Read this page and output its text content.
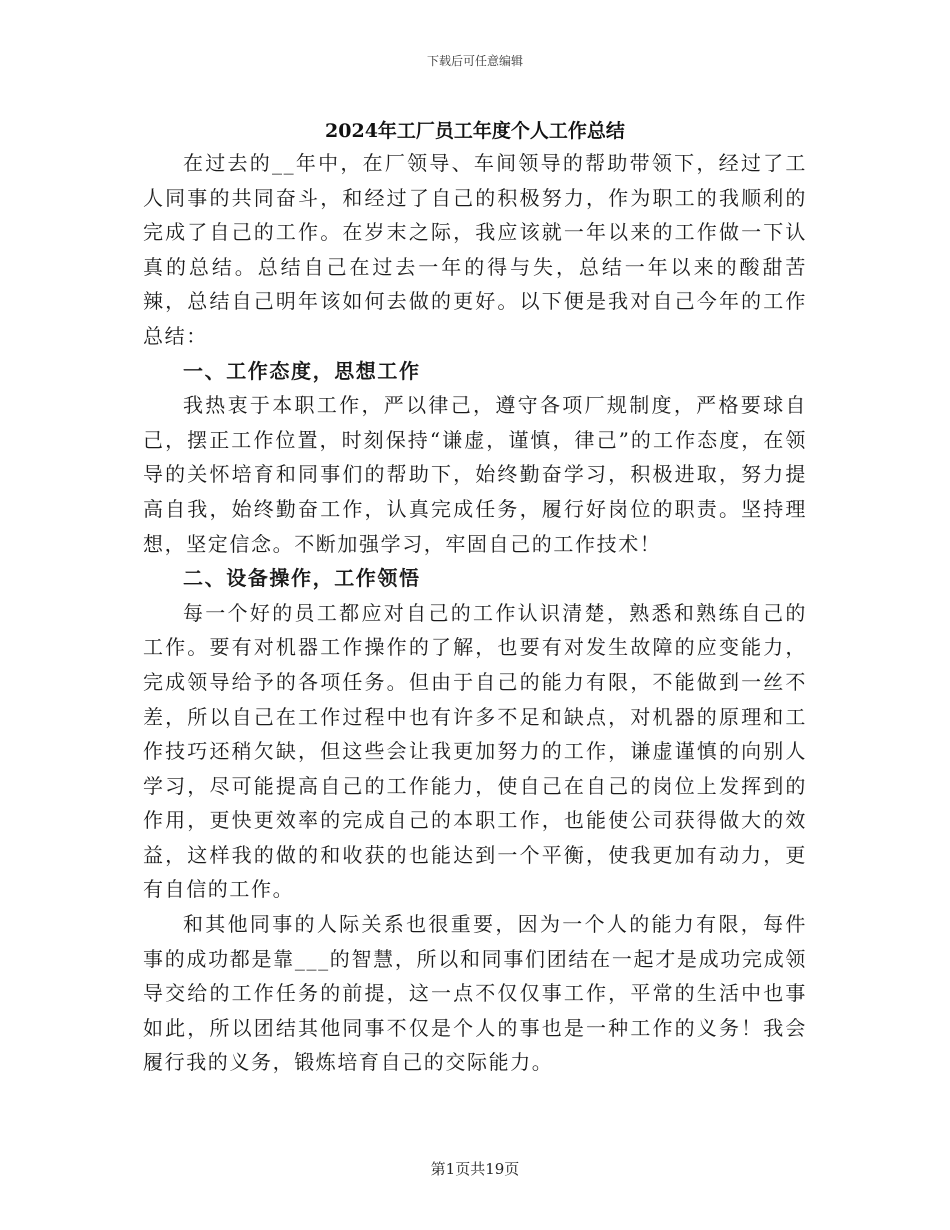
下载后可任意编辑
2024年工厂员工年度个人工作总结

在过去的__年中，在厂领导、车间领导的帮助带领下，经过了工人同事的共同奋斗，和经过了自己的积极努力，作为职工的我顺利的完成了自己的工作。在岁末之际，我应该就一年以来的工作做一下认真的总结。总结自己在过去一年的得与失，总结一年以来的酸甜苦辣，总结自己明年该如何去做的更好。以下便是我对自己今年的工作总结：

一、工作态度，思想工作

我热衷于本职工作，严以律己，遵守各项厂规制度，严格要球自己，摆正工作位置，时刻保持“谦虚，谨慎，律己”的工作态度，在领导的关怀培育和同事们的帮助下，始终勤奋学习，积极进取，努力提高自我，始终勤奋工作，认真完成任务，履行好岗位的职责。坚持理想，坚定信念。不断加强学习，牢固自己的工作技术！

二、设备操作，工作领悟

每一个好的员工都应对自己的工作认识清楚，熟悉和熟练自己的工作。要有对机器工作操作的了解，也要有对发生故障的应变能力，完成领导给予的各项任务。但由于自己的能力有限，不能做到一丝不差，所以自己在工作过程中也有许多不足和缺点，对机器的原理和工作技巧还稍欠缺，但这些会让我更加努力的工作，谦虚谨慎的向别人学习，尽可能提高自己的工作能力，使自己在自己的岗位上发挥到的作用，更快更效率的完成自己的本职工作，也能使公司获得做大的效益，这样我的做的和收获的也能达到一个平衡，使我更加有动力，更有自信的工作。

和其他同事的人际关系也很重要，因为一个人的能力有限，每件事的成功都是靠___的智慧，所以和同事们团结在一起才是成功完成领导交给的工作任务的前提，这一点不仅仅事工作，平常的生活中也事如此，所以团结其他同事不仅是个人的事也是一种工作的义务！我会履行我的义务，锻炼培育自己的交际能力。

第1页共19页
